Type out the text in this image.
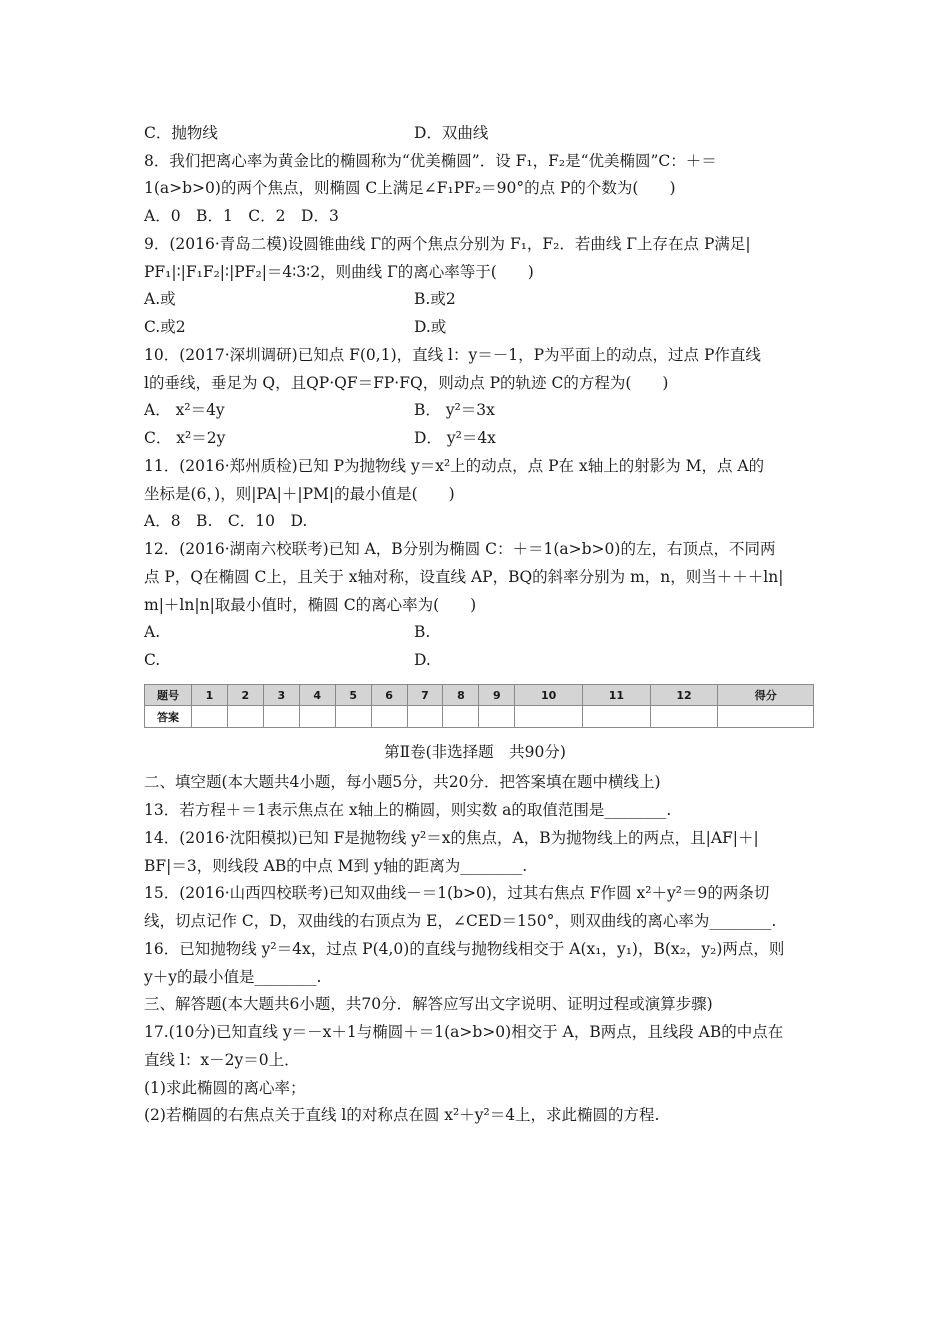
C．抛物线
8．我们把离心率为黄金比的椭圆称为“优美椭圆”．设 F₁，F₂是“优美椭圆”C：＋＝
1(a>b>0)的两个焦点，则椭圆 C上满足∠F₁PF₂＝90°的点 P的个数为(　　)
A．0　B．1　C．2　D．3
9．(2016·青岛二模)设圆锥曲线 Γ的两个焦点分别为 F₁，F₂．若曲线 Γ上存在点 P满足|
PF₁|∶|F₁F₂|∶|PF₂|＝4∶3∶2，则曲线 Γ的离心率等于(　　)
A.或
C.或2
10．(2017·深圳调研)已知点 F(0,1)，直线 l：y＝－1，P为平面上的动点，过点 P作直线
l的垂线，垂足为 Q，且QP·QF＝FP·FQ，则动点 P的轨迹 C的方程为(　　)
A． x²＝4y
C． x²＝2y
11．(2016·郑州质检)已知 P为抛物线 y＝x²上的动点，点 P在 x轴上的射影为 M，点 A的
坐标是(6，)，则|PA|＋|PM|的最小值是(　　)
A．8　B.　C．10　D.
12．(2016·湖南六校联考)已知 A，B分别为椭圆 C：＋＝1(a>b>0)的左，右顶点，不同两
点 P，Q在椭圆 C上，且关于 x轴对称，设直线 AP，BQ的斜率分别为 m，n，则当＋＋＋ln|
m|＋ln|n|取最小值时，椭圆 C的离心率为(　　)
A.
C.
二、填空题(本大题共4小题，每小题5分，共20分．把答案填在题中横线上)
13．若方程＋＝1表示焦点在 x轴上的椭圆，则实数 a的取值范围是________.
14．(2016·沈阳模拟)已知 F是抛物线 y²＝x的焦点，A，B为抛物线上的两点，且|AF|＋|
BF|＝3，则线段 AB的中点 M到 y轴的距离为________.
15．(2016·山西四校联考)已知双曲线－＝1(b>0)，过其右焦点 F作圆 x²＋y²＝9的两条切
线，切点记作 C，D，双曲线的右顶点为 E，∠CED＝150°，则双曲线的离心率为________.
16．已知抛物线 y²＝4x，过点 P(4,0)的直线与抛物线相交于 A(x₁，y₁)，B(x₂，y₂)两点，则
y＋y的最小值是________.
三、解答题(本大题共6小题，共70分．解答应写出文字说明、证明过程或演算步骤)
17.(10分)已知直线 y＝－x＋1与椭圆＋＝1(a>b>0)相交于 A，B两点，且线段 AB的中点在
直线 l：x－2y＝0上．
(1)求此椭圆的离心率；
(2)若椭圆的右焦点关于直线 l的对称点在圆 x²＋y²＝4上，求此椭圆的方程.
D．双曲线
B.或2
D.或
B． y²＝3x
D． y²＝4x
B.
D.
题号	1	2	3	4	5	6	7	8	9	10	11	12	得分
答案													
第Ⅱ卷(非选择题　共90分)
